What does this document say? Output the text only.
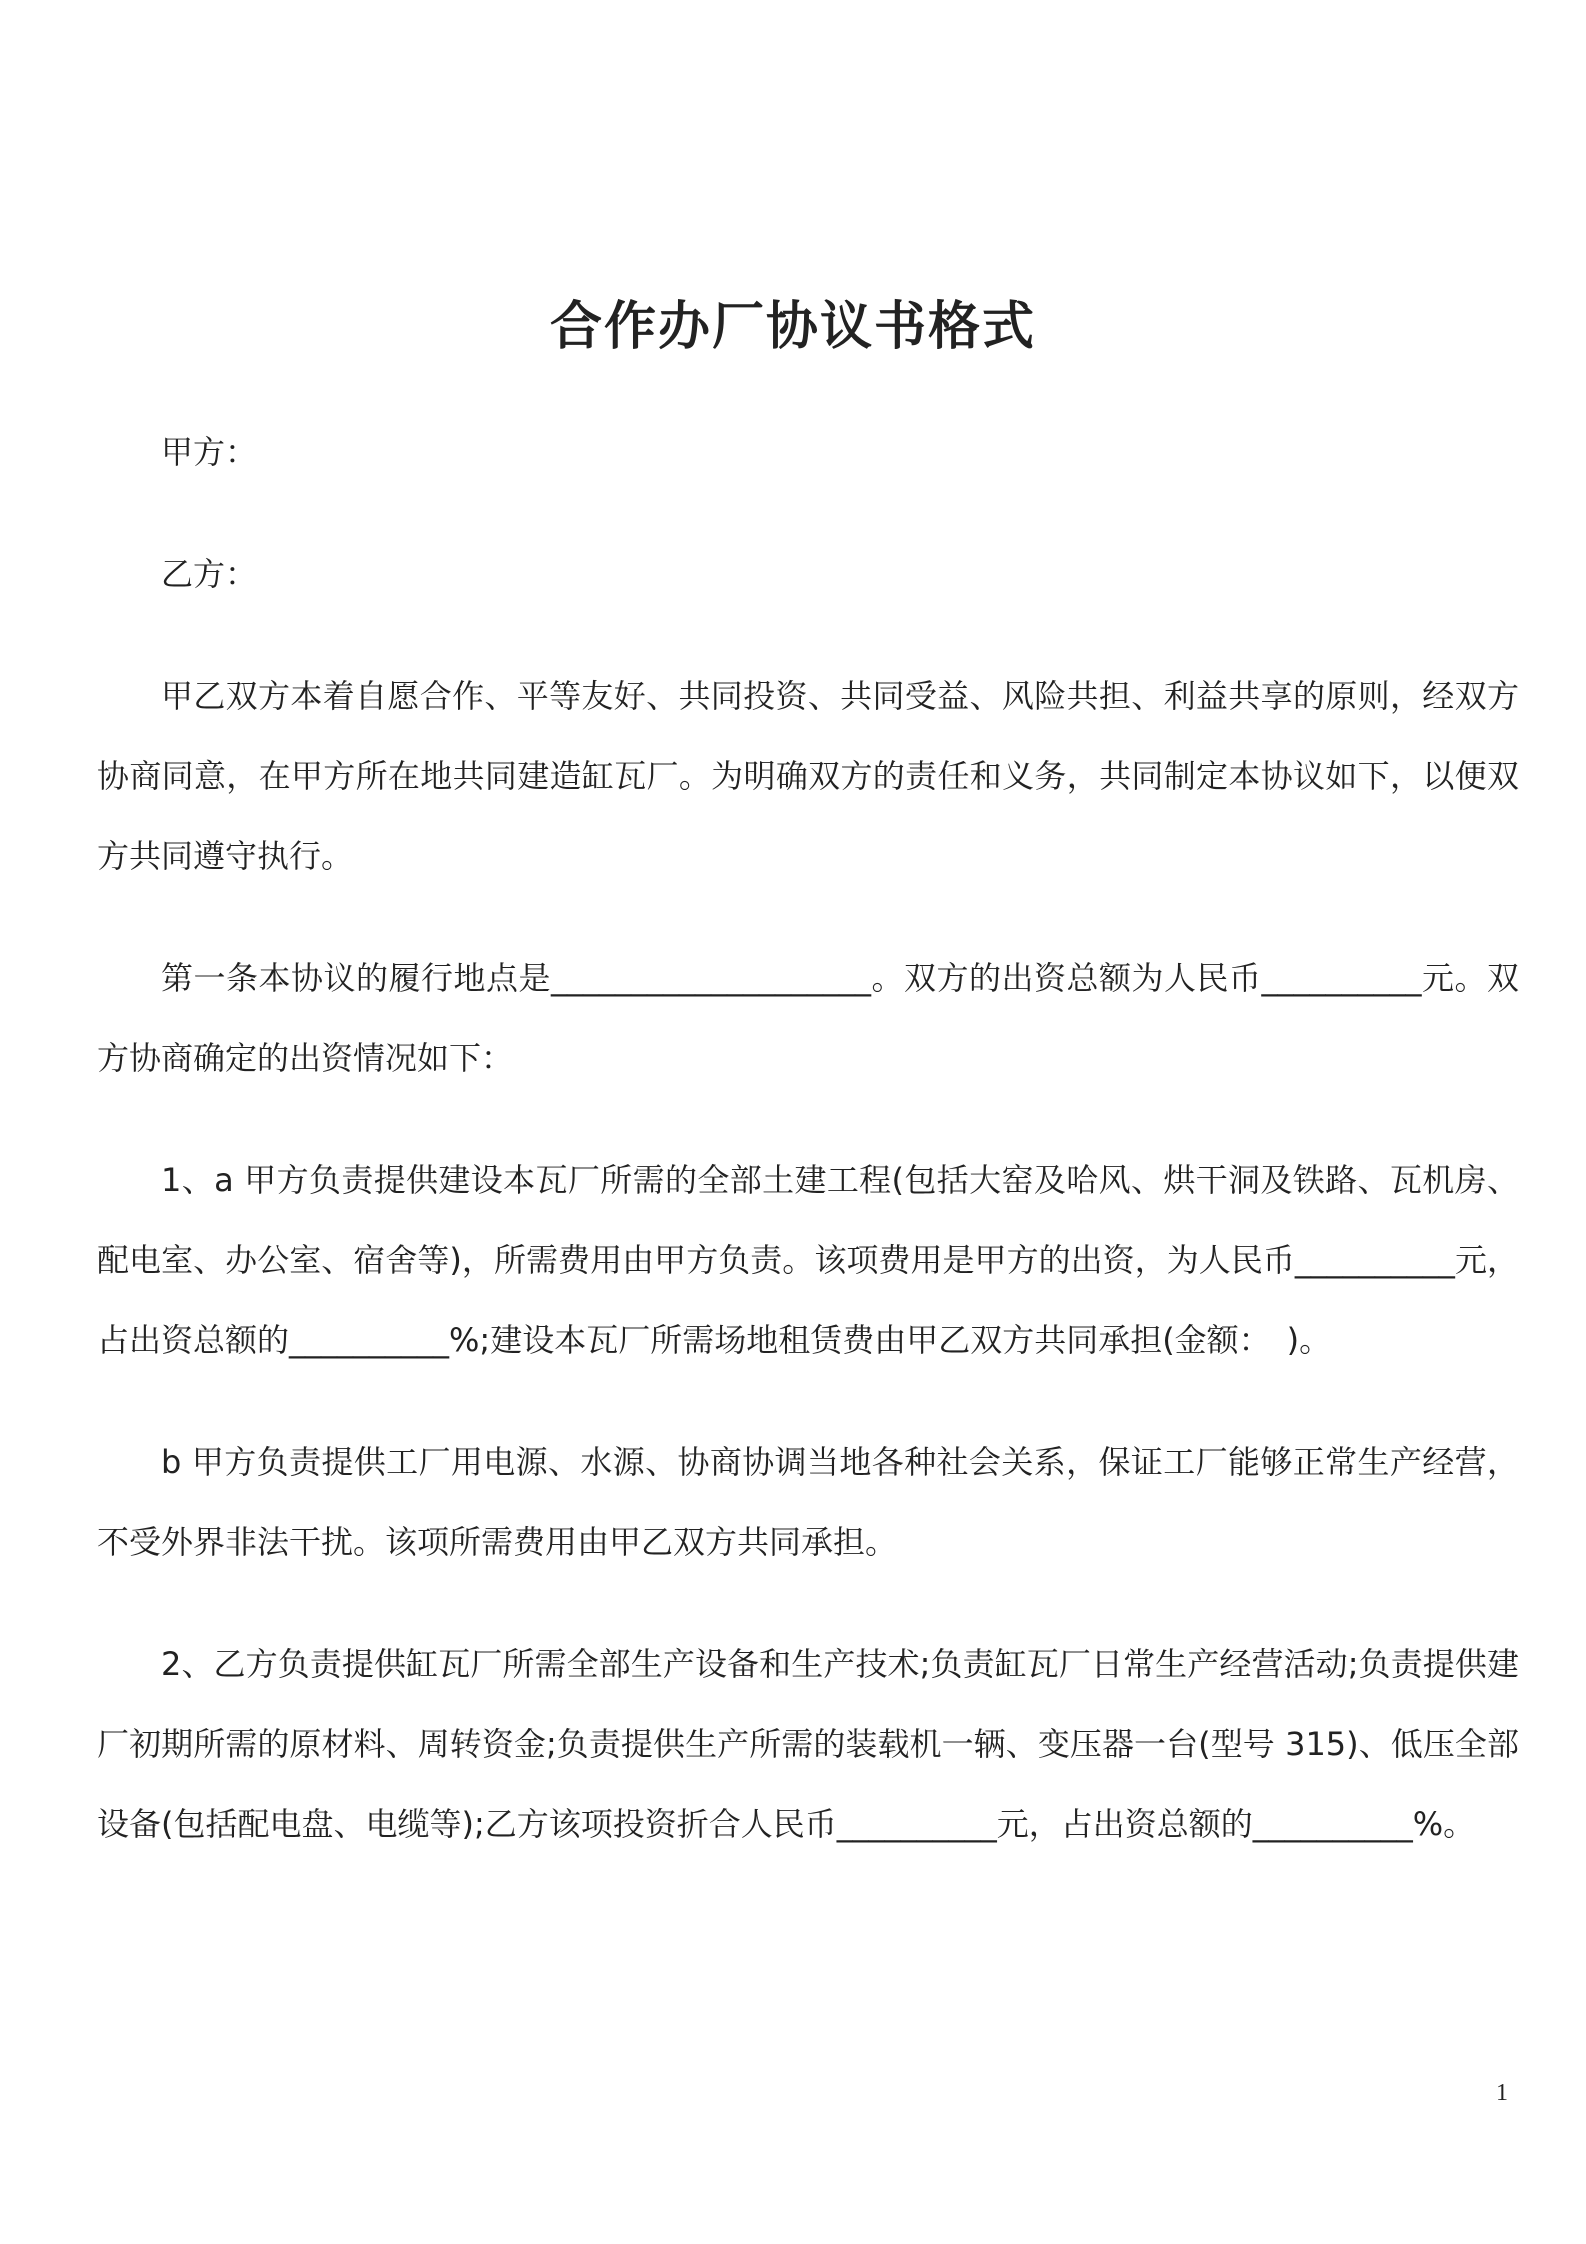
合作办厂协议书格式

甲方：

乙方：

甲乙双方本着自愿合作、平等友好、共同投资、共同受益、风险共担、利益共享的原则，经双方协商同意，在甲方所在地共同建造缸瓦厂。为明确双方的责任和义务，共同制定本协议如下，以便双方共同遵守执行。

第一条本协议的履行地点是____________________。双方的出资总额为人民币__________元。双方协商确定的出资情况如下：

1、a 甲方负责提供建设本瓦厂所需的全部土建工程(包括大窑及哈风、烘干洞及铁路、瓦机房、配电室、办公室、宿舍等)，所需费用由甲方负责。该项费用是甲方的出资，为人民币__________元，占出资总额的__________%;建设本瓦厂所需场地租赁费由甲乙双方共同承担(金额：　)。

b 甲方负责提供工厂用电源、水源、协商协调当地各种社会关系，保证工厂能够正常生产经营，不受外界非法干扰。该项所需费用由甲乙双方共同承担。

2、乙方负责提供缸瓦厂所需全部生产设备和生产技术;负责缸瓦厂日常生产经营活动;负责提供建厂初期所需的原材料、周转资金;负责提供生产所需的装载机一辆、变压器一台(型号 315)、低压全部设备(包括配电盘、电缆等);乙方该项投资折合人民币__________元，占出资总额的__________%。

1
